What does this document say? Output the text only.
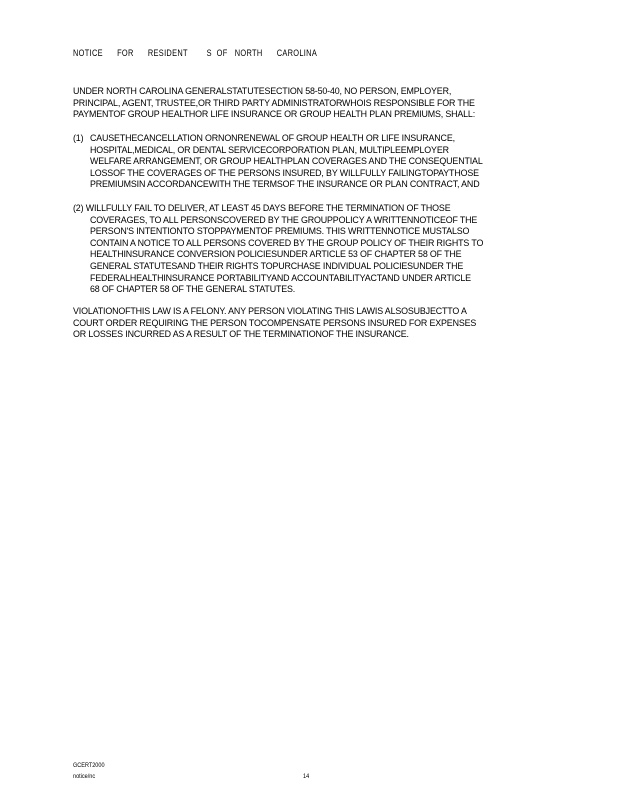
NOTICE      FOR      RESIDENT        S  OF   NORTH      CAROLINA
UNDER NORTH CAROLINA GENERALSTATUTESECTION 58-50-40, NO PERSON, EMPLOYER,
PRINCIPAL, AGENT, TRUSTEE,OR THIRD PARTY ADMINISTRATORWHOIS RESPONSIBLE FOR THE
PAYMENTOF GROUP HEALTHOR LIFE INSURANCE OR GROUP HEALTH PLAN PREMIUMS, SHALL:
(1) CAUSETHECANCELLATION ORNONRENEWAL OF GROUP HEALTH OR LIFE INSURANCE,
HOSPITAL,MEDICAL, OR DENTAL SERVICECORPORATION PLAN, MULTIPLEEMPLOYER
WELFARE ARRANGEMENT, OR GROUP HEALTHPLAN COVERAGES AND THE CONSEQUENTIAL
LOSSOF THE COVERAGES OF THE PERSONS INSURED, BY WILLFULLY FAILINGTOPAYTHOSE
PREMIUMSIN ACCORDANCEWITH THE TERMSOF THE INSURANCE OR PLAN CONTRACT, AND
(2) WILLFULLY FAIL TO DELIVER, AT LEAST 45 DAYS BEFORE THE TERMINATION OF THOSE
COVERAGES, TO ALL PERSONSCOVERED BY THE GROUPPOLICY A WRITTENNOTICEOF THE
PERSON'S INTENTIONTO STOPPAYMENTOF PREMIUMS. THIS WRITTENNOTICE MUSTALSO
CONTAIN A NOTICE TO ALL PERSONS COVERED BY THE GROUP POLICY OF THEIR RIGHTS TO
HEALTHINSURANCE CONVERSION POLICIESUNDER ARTICLE 53 OF CHAPTER 58 OF THE
GENERAL STATUTESAND THEIR RIGHTS TOPURCHASE INDIVIDUAL POLICIESUNDER THE
FEDERALHEALTHINSURANCE PORTABILITYAND ACCOUNTABILITYACTAND UNDER ARTICLE
68 OF CHAPTER 58 OF THE GENERAL STATUTES.
VIOLATIONOFTHIS LAW IS A FELONY. ANY PERSON VIOLATING THIS LAWIS ALSOSUBJECTTO A
COURT ORDER REQUIRING THE PERSON TOCOMPENSATE PERSONS INSURED FOR EXPENSES
OR LOSSES INCURRED AS A RESULT OF THE TERMINATIONOF THE INSURANCE.
GCERT2000
notice/nc	14
